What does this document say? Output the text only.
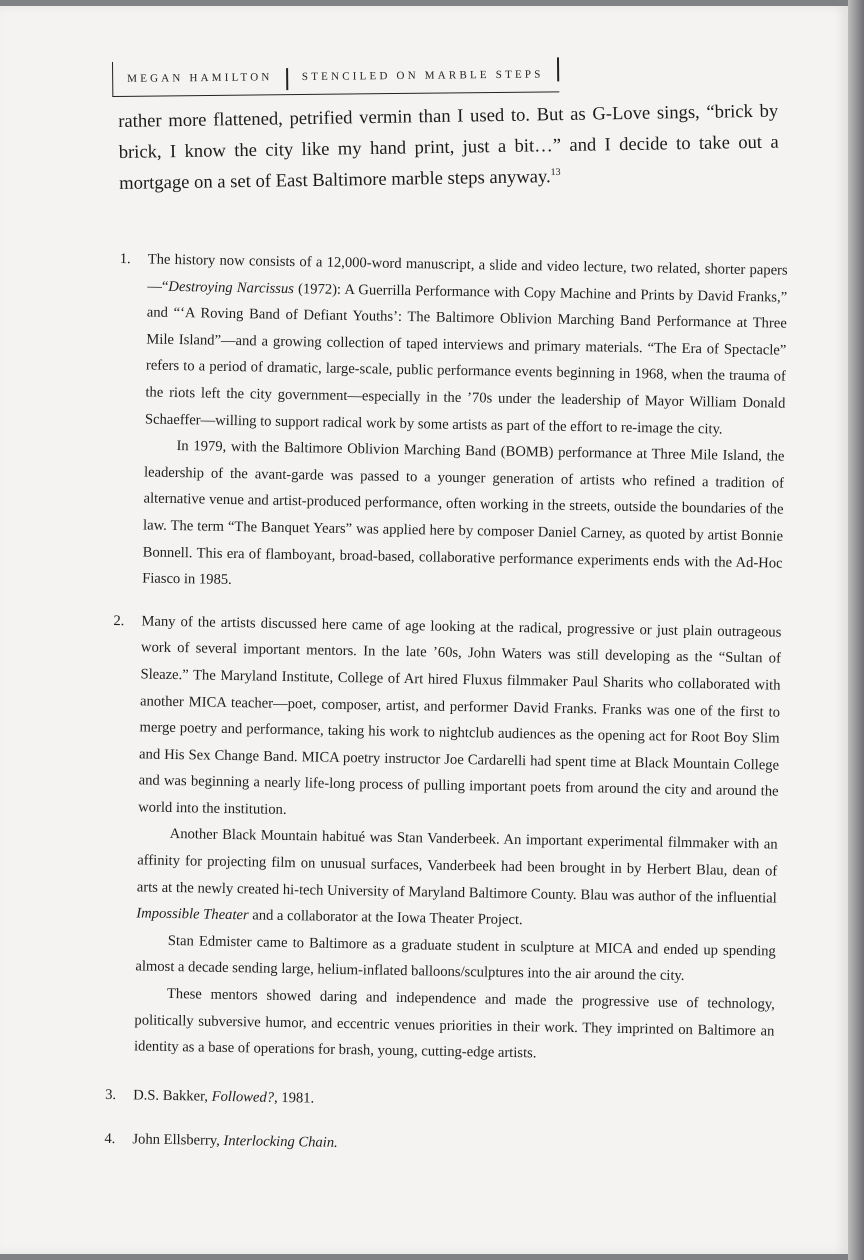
MEGAN HAMILTON	STENCILED ON MARBLE STEPS

rather more flattened, petrified vermin than I used to. But as G-Love sings, “brick by brick, I know the city like my hand print, just a bit…” and I decide to take out a mortgage on a set of East Baltimore marble steps anyway.$^{13}$

1. The history now consists of a 12,000-word manuscript, a slide and video lecture, two related, shorter papers—“Destroying Narcissus (1972): A Guerrilla Performance with Copy Machine and Prints by David Franks,” and “‘A Roving Band of Defiant Youths’: The Baltimore Oblivion Marching Band Performance at Three Mile Island”—and a growing collection of taped interviews and primary materials. “The Era of Spectacle” refers to a period of dramatic, large-scale, public performance events beginning in 1968, when the trauma of the riots left the city government—especially in the ’70s under the leadership of Mayor William Donald Schaeffer—willing to support radical work by some artists as part of the effort to re-image the city.

In 1979, with the Baltimore Oblivion Marching Band (BOMB) performance at Three Mile Island, the leadership of the avant-garde was passed to a younger generation of artists who refined a tradition of alternative venue and artist-produced performance, often working in the streets, outside the boundaries of the law. The term “The Banquet Years” was applied here by composer Daniel Carney, as quoted by artist Bonnie Bonnell. This era of flamboyant, broad-based, collaborative performance experiments ends with the Ad-Hoc Fiasco in 1985.

2. Many of the artists discussed here came of age looking at the radical, progressive or just plain outrageous work of several important mentors. In the late ’60s, John Waters was still developing as the “Sultan of Sleaze.” The Maryland Institute, College of Art hired Fluxus filmmaker Paul Sharits who collaborated with another MICA teacher—poet, composer, artist, and performer David Franks. Franks was one of the first to merge poetry and performance, taking his work to nightclub audiences as the opening act for Root Boy Slim and His Sex Change Band. MICA poetry instructor Joe Cardarelli had spent time at Black Mountain College and was beginning a nearly life-long process of pulling important poets from around the city and around the world into the institution.

Another Black Mountain habitué was Stan Vanderbeek. An important experimental filmmaker with an affinity for projecting film on unusual surfaces, Vanderbeek had been brought in by Herbert Blau, dean of arts at the newly created hi-tech University of Maryland Baltimore County. Blau was author of the influential Impossible Theater and a collaborator at the Iowa Theater Project.

Stan Edmister came to Baltimore as a graduate student in sculpture at MICA and ended up spending almost a decade sending large, helium-inflated balloons/sculptures into the air around the city.

These mentors showed daring and independence and made the progressive use of technology, politically subversive humor, and eccentric venues priorities in their work. They imprinted on Baltimore an identity as a base of operations for brash, young, cutting-edge artists.

3. D.S. Bakker, Followed?, 1981.

4. John Ellsberry, Interlocking Chain.
